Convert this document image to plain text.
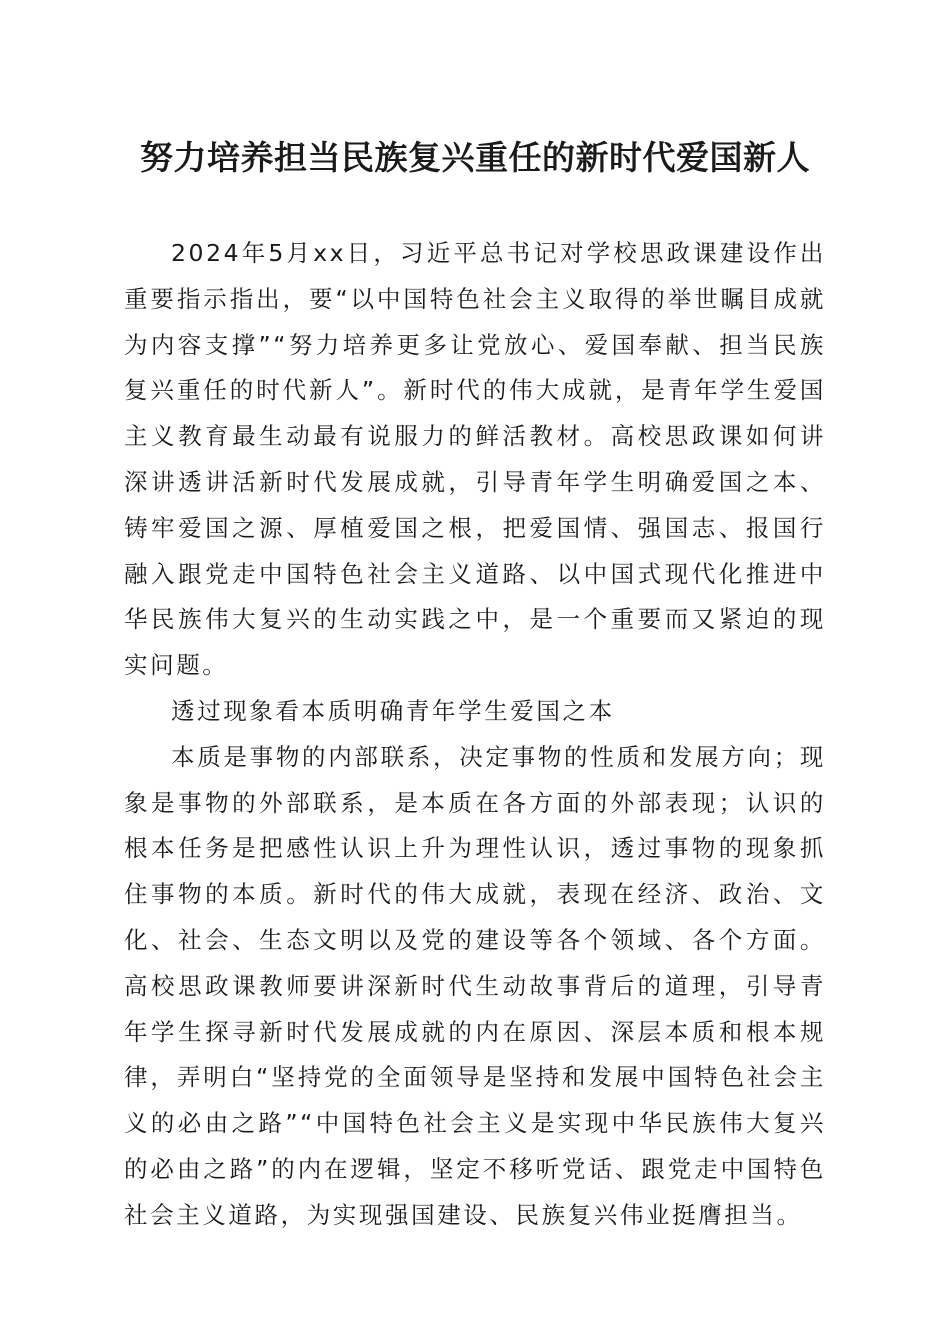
努力培养担当民族复兴重任的新时代爱国新人

2024年5月xx日，习近平总书记对学校思政课建设作出重要指示指出，要“以中国特色社会主义取得的举世瞩目成就为内容支撑”“努力培养更多让党放心、爱国奉献、担当民族复兴重任的时代新人”。新时代的伟大成就，是青年学生爱国主义教育最生动最有说服力的鲜活教材。高校思政课如何讲深讲透讲活新时代发展成就，引导青年学生明确爱国之本、铸牢爱国之源、厚植爱国之根，把爱国情、强国志、报国行融入跟党走中国特色社会主义道路、以中国式现代化推进中华民族伟大复兴的生动实践之中，是一个重要而又紧迫的现实问题。

透过现象看本质明确青年学生爱国之本

本质是事物的内部联系，决定事物的性质和发展方向；现象是事物的外部联系，是本质在各方面的外部表现；认识的根本任务是把感性认识上升为理性认识，透过事物的现象抓住事物的本质。新时代的伟大成就，表现在经济、政治、文化、社会、生态文明以及党的建设等各个领域、各个方面。高校思政课教师要讲深新时代生动故事背后的道理，引导青年学生探寻新时代发展成就的内在原因、深层本质和根本规律，弄明白“坚持党的全面领导是坚持和发展中国特色社会主义的必由之路”“中国特色社会主义是实现中华民族伟大复兴的必由之路”的内在逻辑，坚定不移听党话、跟党走中国特色社会主义道路，为实现强国建设、民族复兴伟业挺膺担当。
